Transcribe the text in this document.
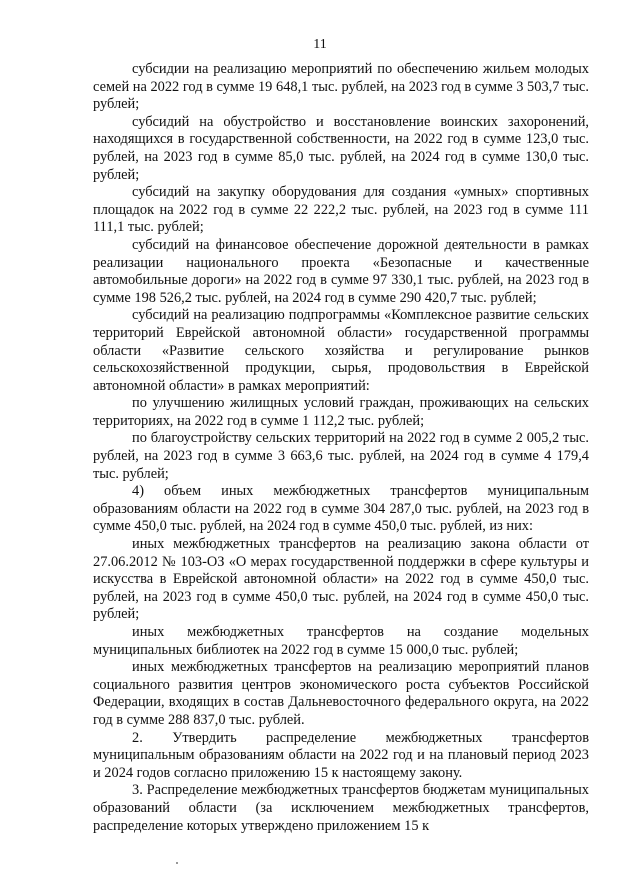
11

субсидии на реализацию мероприятий по обеспечению жильем молодых семей на 2022 год в сумме 19 648,1 тыс. рублей, на 2023 год в сумме 3 503,7 тыс. рублей;

субсидий на обустройство и восстановление воинских захоронений, находящихся в государственной собственности, на 2022 год в сумме 123,0 тыс. рублей, на 2023 год в сумме 85,0 тыс. рублей, на 2024 год в сумме 130,0 тыс. рублей;

субсидий на закупку оборудования для создания «умных» спортивных площадок на 2022 год в сумме 22 222,2 тыс. рублей, на 2023 год в сумме 111 111,1 тыс. рублей;

субсидий на финансовое обеспечение дорожной деятельности в рамках реализации национального проекта «Безопасные и качественные автомобильные дороги» на 2022 год в сумме 97 330,1 тыс. рублей, на 2023 год в сумме 198 526,2 тыс. рублей, на 2024 год в сумме 290 420,7 тыс. рублей;

субсидий на реализацию подпрограммы «Комплексное развитие сельских территорий Еврейской автономной области» государственной программы области «Развитие сельского хозяйства и регулирование рынков сельскохозяйственной продукции, сырья, продовольствия в Еврейской автономной области» в рамках мероприятий:

по улучшению жилищных условий граждан, проживающих на сельских территориях, на 2022 год в сумме 1 112,2 тыс. рублей;

по благоустройству сельских территорий на 2022 год в сумме 2 005,2 тыс. рублей, на 2023 год в сумме 3 663,6 тыс. рублей, на 2024 год в сумме 4 179,4 тыс. рублей;

4) объем иных межбюджетных трансфертов муниципальным образованиям области на 2022 год в сумме 304 287,0 тыс. рублей, на 2023 год в сумме 450,0 тыс. рублей, на 2024 год в сумме 450,0 тыс. рублей, из них:

иных межбюджетных трансфертов на реализацию закона области от 27.06.2012 № 103-ОЗ «О мерах государственной поддержки в сфере культуры и искусства в Еврейской автономной области» на 2022 год в сумме 450,0 тыс. рублей, на 2023 год в сумме 450,0 тыс. рублей, на 2024 год в сумме 450,0 тыс. рублей;

иных межбюджетных трансфертов на создание модельных муниципальных библиотек на 2022 год в сумме 15 000,0 тыс. рублей;

иных межбюджетных трансфертов на реализацию мероприятий планов социального развития центров экономического роста субъектов Российской Федерации, входящих в состав Дальневосточного федерального округа, на 2022 год в сумме 288 837,0 тыс. рублей.

2. Утвердить распределение межбюджетных трансфертов муниципальным образованиям области на 2022 год и на плановый период 2023 и 2024 годов согласно приложению 15 к настоящему закону.

3. Распределение межбюджетных трансфертов бюджетам муниципальных образований области (за исключением межбюджетных трансфертов, распределение которых утверждено приложением 15 к
